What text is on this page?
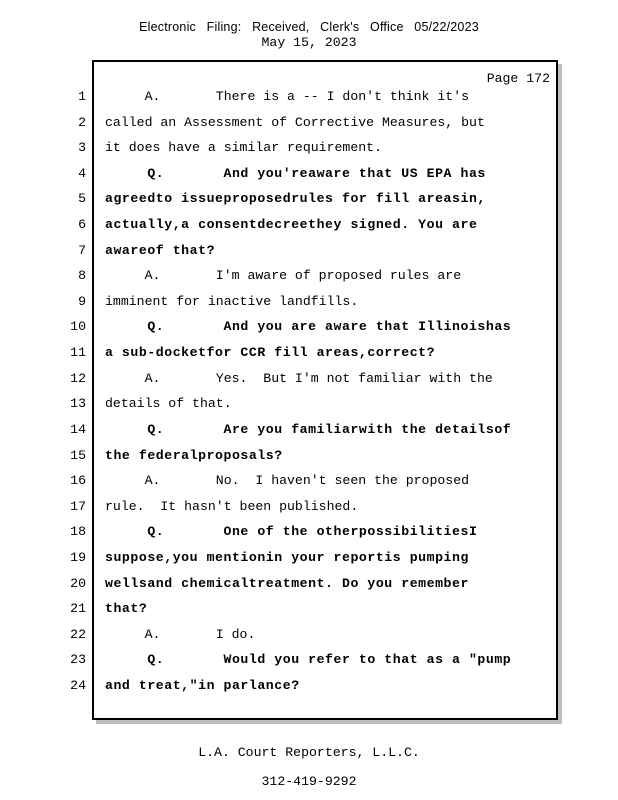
Electronic Filing: Received, Clerk's Office 05/22/2023
May 15, 2023
Page 172
1 A.       There is a -- I don't think it's
2 called an Assessment of Corrective Measures, but
3 it does have a similar requirement.
4 Q.       And you'reaware that US EPA has
5 agreedto issueproposedrules for fill areasin,
6 actually,a consentdecreethey signed. You are
7 awareof that?
8 A.       I'm aware of proposed rules are
9 imminent for inactive landfills.
10 Q.       And you are aware that Illinoishas
11 a sub-docketfor CCR fill areas,correct?
12 A.       Yes.  But I'm not familiar with the
13 details of that.
14 Q.       Are you familiarwith the detailsof
15 the federalproposals?
16 A.       No.  I haven't seen the proposed
17 rule.  It hasn't been published.
18 Q.       One of the otherpossibilitiesI
19 suppose,you mentionin your reportis pumping
20 wellsand chemicaltreatment. Do you remember
21 that?
22 A.       I do.
23 Q.       Would you refer to that as a "pump
24 and treat,"in parlance?

L.A. Court Reporters, L.L.C.

312-419-9292
